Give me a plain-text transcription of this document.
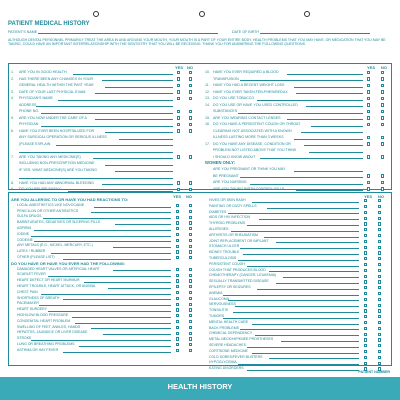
PATIENT MEDICAL HISTORY
PATIENT'S NAME	DATE OF BIRTH
ALTHOUGH DENTAL PERSONNEL PRIMARILY TREAT THE AREA IN AND AROUND YOUR MOUTH, YOUR MOUTH IS A PART OF YOUR ENTIRE BODY. HEALTH PROBLEMS THAT YOU MAY HAVE, OR MEDICATION THAT YOU MAY BE TAKING, COULD HAVE AN IMPORTANT INTERRELATIONSHIP WITH THE DENTISTRY THAT YOU WILL BE RECEIVING. THANK YOU FOR ANSWERING THE FOLLOWING QUESTIONS.
YES NO	YES NO
1. ARE YOU IN GOOD HEALTH
2. HAS THERE BEEN ANY CHANGES IN YOUR
GENERAL HEALTH WITHIN THE PAST YEAR
3. DATE OF YOUR LAST PHYSICAL EXAM
4. PHYSICIAN'S NAME
ADDRESS
PHONE NO.
5. ARE YOU NOW UNDER THE CARE OF A
PHYSICIAN
6. HAVE YOU EVER BEEN HOSPITALIZED FOR
ANY SURGICAL OPERATION OR SERIOUS ILLNESS
(PLEASE EXPLAIN
7. ARE YOU TAKING ANY MEDICINE(S)
INCLUDING NON-PRESCRIPTION MEDICINE
IF YES, WHAT MEDICINE(S) ARE YOU TAKING
8. HAVE YOU HAD ANY ABNORMAL BLEEDING
9. DO YOU BRUISE EASILY
10. HAVE YOU EVER REQUIRED A BLOOD
TRANSFUSION
11. HAVE YOU HAD A RECENT WEIGHT LOSS
12. HAVE YOU EVER TAKEN FEN-PHEN/REDUX
13. DO YOU USE TOBACCO
14. DO YOU USE OR HAVE YOU USED CONTROLLED
SUBSTANCES
15. ARE YOU WEARING CONTACT LENSES
16. DO YOU HAVE A PERSISTENT COUGH OR THROAT
CLEARING NOT ASSOCIATED WITH A KNOWN
ILLNESS LASTING MORE THAN 3 WEEKS
17. DO YOU HAVE ANY DISEASE, CONDITION OR
PROBLEM NOT LISTED ABOVE THAT YOU THINK
I SHOULD KNOW ABOUT
WOMEN ONLY:
ARE YOU PREGNANT OR THINK YOU MAY
BE PREGNANT
ARE YOU NURSING
ARE YOU TAKING BIRTH CONTROL PILLS
YES NO	YES NO
ARE YOU ALLERGIC TO OR HAVE YOU HAD REACTIONS TO:
LOCAL ANESTHETICS LIKE NOVOCAINE
PENICILLIN OR OTHER ANTIBIOTICS
SULFA DRUGS
BARBITURATES, SEDATIVES OR SLEEPING PILLS
ASPIRIN
IODINE
CODEINE
ANY METALS (E.G., NICKEL, MERCURY, ETC.)
LATEX / RUBBER
OTHER (PLEASE LIST)
DO YOU HAVE OR HAVE YOU EVER HAD THE FOLLOWING:
DAMAGED HEART VALVES OR ARTIFICIAL HEART
SCARLET FEVER
HEART DEFECT OR HEART MURMUR
HEART TROUBLE, HEART ATTACK, OR ANGINA
CHEST PAIN
SHORTNESS OF BREATH
PACEMAKER
HEART SURGERY
HIGH/LOW BLOOD PRESSURE
CONGENITAL HEART PROBLEM
SWELLING OF FEET, ANKLES, HANDS
HEPATITIS, JAUNDICE OR LIVER DISEASE
STROKE
LUNG OR BREATHING PROBLEMS
ASTHMA OR HAY FEVER
HIVES OR SKIN RASH
FAINTING OR DIZZY SPELLS
DIABETES
AIDS OR HIV INFECTION
THYROID PROBLEMS
ALLERGIES
ARTHRITIS OR RHEUMATISM
JOINT REPLACEMENT OR IMPLANT
STOMACH ULCER
KIDNEY TROUBLE
TUBERCULOSIS
PERSISTENT COUGH
COUGH THAT PRODUCES BLOOD
CHEMOTHERAPY (CANCER, LEUKEMIA)
SEXUALLY TRANSMITTED DISEASE
EPILEPSY OR SEIZURES
ANEMIA
GLAUCOMA
NERVOUSNESS
TONSILITIS
TUMORS
MENTAL HEALTH CARE
BACK PROBLEMS
CHEMICAL DEPENDENCY
METAL NECK/HIP/KNEE PROSTHESES
SEVERE HEADACHES
CORTISONE MEDICINE
COLD SORES/FEVER BLISTERS
HYPOGLYCEMIA
EATING DISORDERS
PATIENT NUMBER
HEALTH HISTORY
